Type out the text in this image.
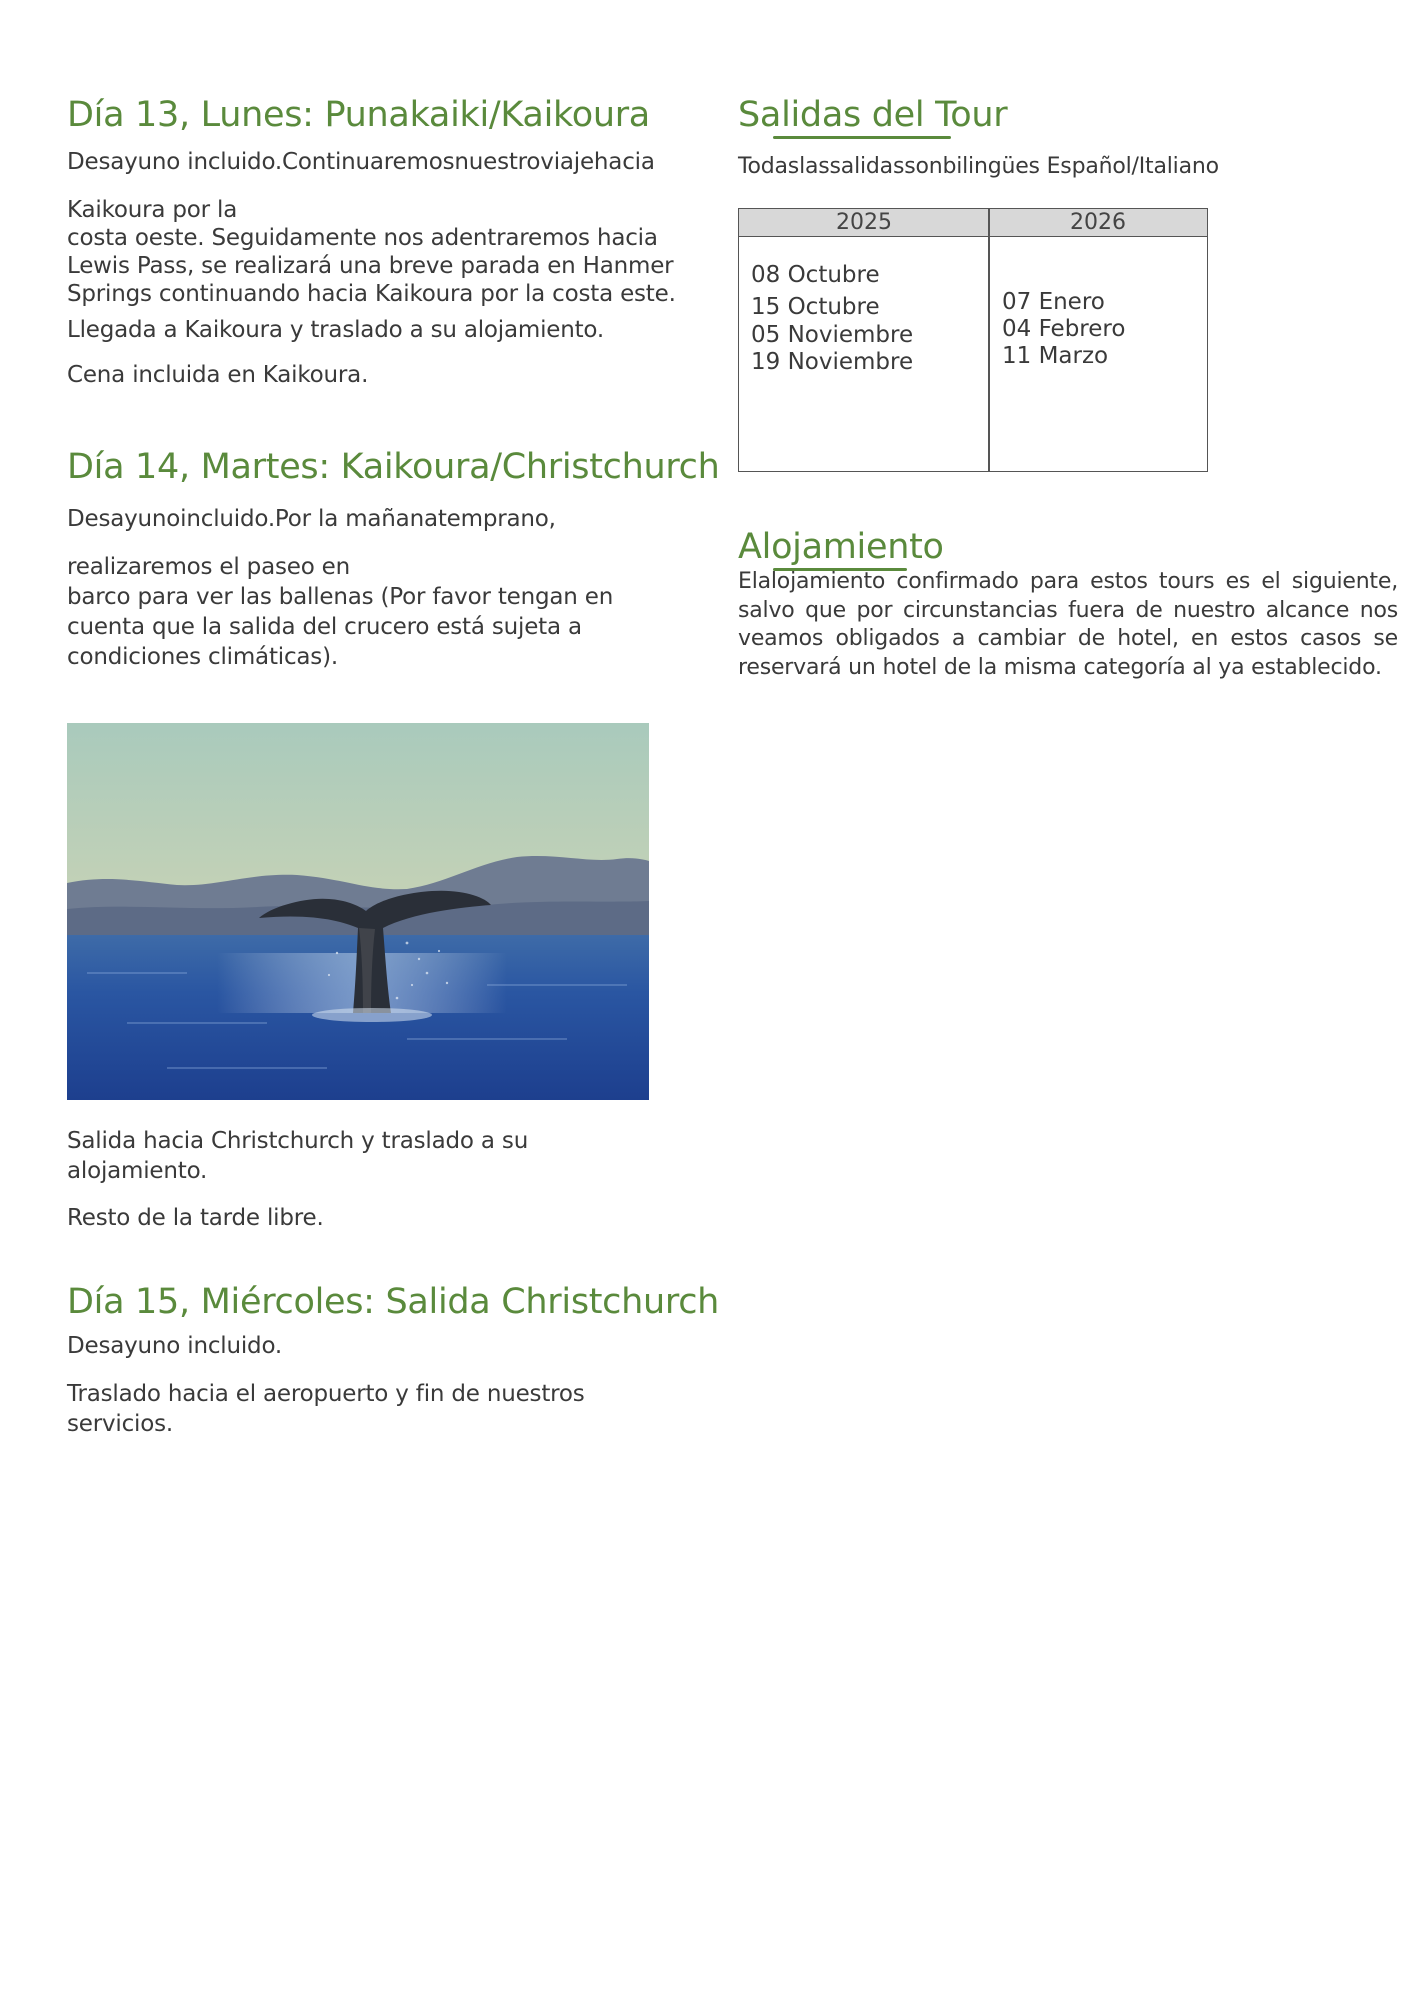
Día 13, Lunes: Punakaiki/Kaikoura

Desayuno incluido.Continuaremosnuestroviajehacia

Kaikoura por la

costa oeste. Seguidamente nos adentraremos hacia

Lewis Pass, se realizará una breve parada en Hanmer

Springs continuando hacia Kaikoura por la costa este.

Llegada a Kaikoura y traslado a su alojamiento.

Cena incluida en Kaikoura.

Día 14, Martes: Kaikoura/Christchurch

Desayunoincluido.Por la mañanatemprano,

realizaremos el paseo en

barco para ver las ballenas (Por favor tengan en

cuenta que la salida del crucero está sujeta a

condiciones climáticas).

Salida hacia Christchurch y traslado a su

alojamiento.

Resto de la tarde libre.

Día 15, Miércoles: Salida Christchurch

Desayuno incluido.

Traslado hacia el aeropuerto y fin de nuestros

servicios.

Salidas del Tour

Todaslassalidassonbilingües Español/Italiano

2025	2026
08 Octubre
15 Octubre
05 Noviembre
19 Noviembre
07 Enero
04 Febrero
11 Marzo
Alojamiento

Elalojamiento confirmado para estos tours es el siguiente, salvo que por circunstancias fuera de nuestro alcance nos veamos obligados a cambiar de hotel, en estos casos se reservará un hotel de la misma categoría al ya establecido.
